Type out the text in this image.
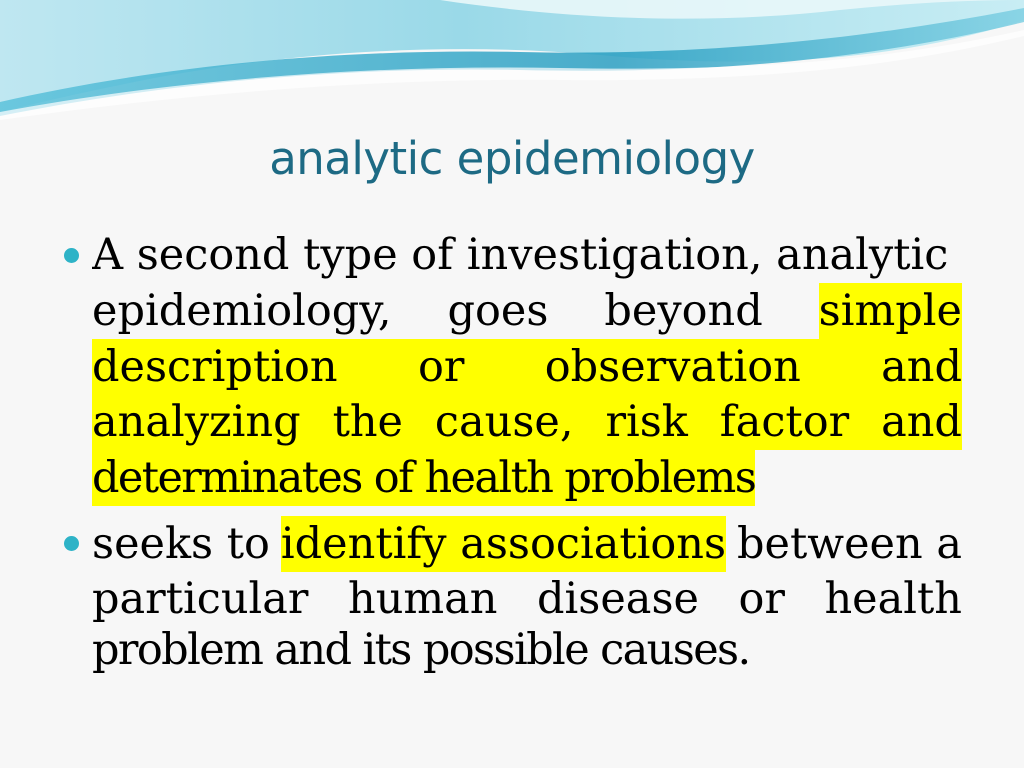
analytic epidemiology
A second type of investigation, analytic
epidemiology, goes beyond simple
description or observation and
analyzing the cause, risk factor and
determinates of health problems
seeks to identify associations between a
particular human disease or health
problem and its possible causes.
